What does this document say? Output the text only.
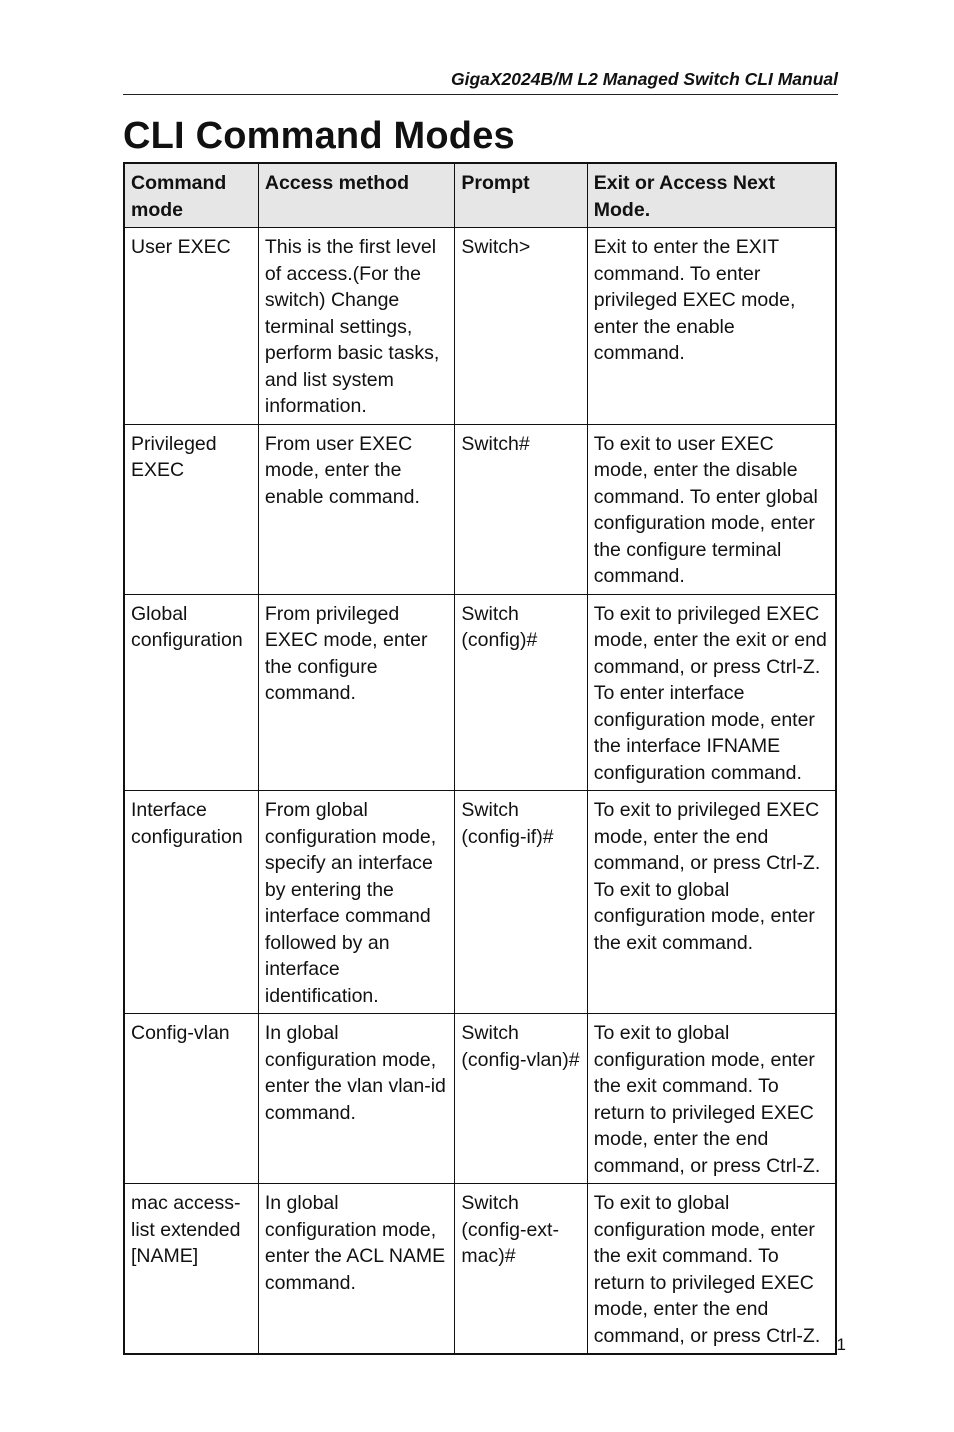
GigaX2024B/M L2 Managed Switch CLI Manual
CLI Command Modes
Command mode	Access method	Prompt	Exit or Access Next Mode.
User EXEC	This is the first level of access.(For the switch) Change terminal settings, perform basic tasks, and list system information.	Switch>	Exit to enter the EXIT command. To enter privileged EXEC mode, enter the enable command.
Privileged EXEC	From user EXEC mode, enter the enable command.	Switch#	To exit to user EXEC mode, enter the disable command. To enter global configuration mode, enter the configure terminal command.
Global configuration	From privileged EXEC mode, enter the configure command.	Switch (config)#	To exit to privileged EXEC mode, enter the exit or end command, or press Ctrl-Z. To enter interface configuration mode, enter the interface IFNAME configuration command.
Interface configuration	From global configuration mode, specify an interface by entering the interface command followed by an interface identification.	Switch (config-if)#	To exit to privileged EXEC mode, enter the end command, or press Ctrl-Z. To exit to global configuration mode, enter the exit command.
Config-vlan	In global configuration mode, enter the vlan vlan-id command.	Switch (config-vlan)#	To exit to global configuration mode, enter the exit command. To return to privileged EXEC mode, enter the end command, or press Ctrl-Z.
mac access-list extended [NAME]	In global configuration mode, enter the ACL NAME command.	Switch (config-ext-mac)#	To exit to global configuration mode, enter the exit command. To return to privileged EXEC mode, enter the end command, or press Ctrl-Z. 1
